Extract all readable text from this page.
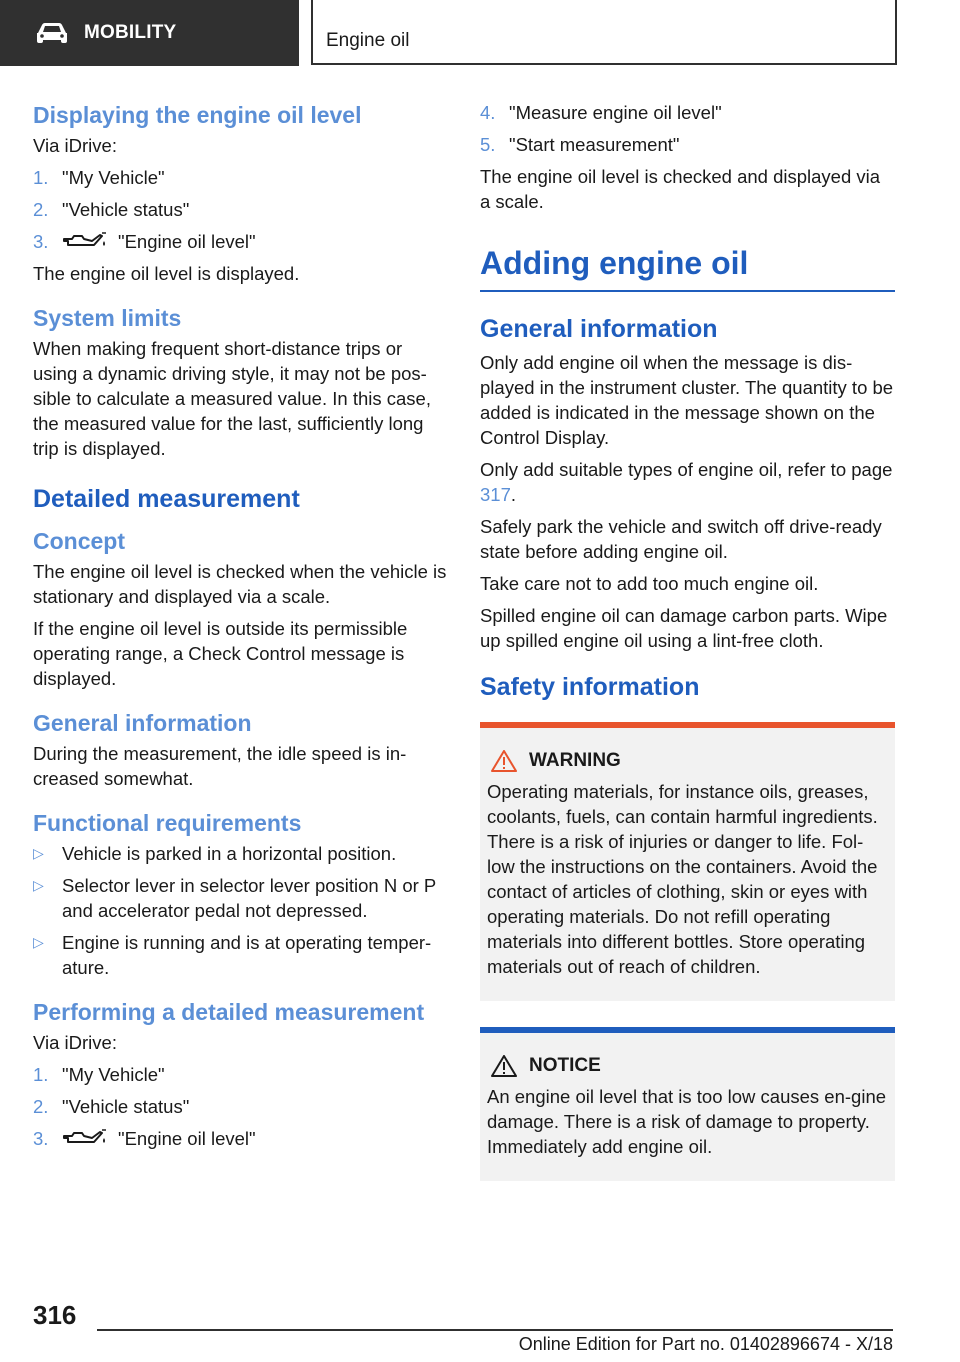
MOBILITY	Engine oil
Displaying the engine oil level

Via iDrive:

1. "My Vehicle"
2. "Vehicle status"
3.	"Engine oil level"

The engine oil level is displayed.

System limits

When making frequent short-distance trips or using a dynamic driving style, it may not be pos-sible to calculate a measured value. In this case, the measured value for the last, sufficiently long trip is displayed.

Detailed measurement
Concept

The engine oil level is checked when the vehicle is stationary and displayed via a scale.

If the engine oil level is outside its permissible operating range, a Check Control message is displayed.

General information

During the measurement, the idle speed is in-creased somewhat.

Functional requirements
▷ Vehicle is parked in a horizontal position.
▷ Selector lever in selector lever position N or P and accelerator pedal not depressed.
▷ Engine is running and is at operating temper-ature.
Performing a detailed measurement

Via iDrive:

1. "My Vehicle"
2. "Vehicle status"
3.	"Engine oil level"
4. "Measure engine oil level"
5. "Start measurement"

The engine oil level is checked and displayed via a scale.

Adding engine oil
General information

Only add engine oil when the message is dis-played in the instrument cluster. The quantity to be added is indicated in the message shown on the Control Display.

Only add suitable types of engine oil, refer to page 317.

Safely park the vehicle and switch off drive-ready state before adding engine oil.

Take care not to add too much engine oil.

Spilled engine oil can damage carbon parts. Wipe up spilled engine oil using a lint-free cloth.

Safety information
WARNING

Operating materials, for instance oils, greases, coolants, fuels, can contain harmful ingredients. There is a risk of injuries or danger to life. Fol-low the instructions on the containers. Avoid the contact of articles of clothing, skin or eyes with operating materials. Do not refill operating materials into different bottles. Store operating materials out of reach of children.

NOTICE

An engine oil level that is too low causes en-gine damage. There is a risk of damage to property. Immediately add engine oil.

316
Online Edition for Part no. 01402896674 - X/18
